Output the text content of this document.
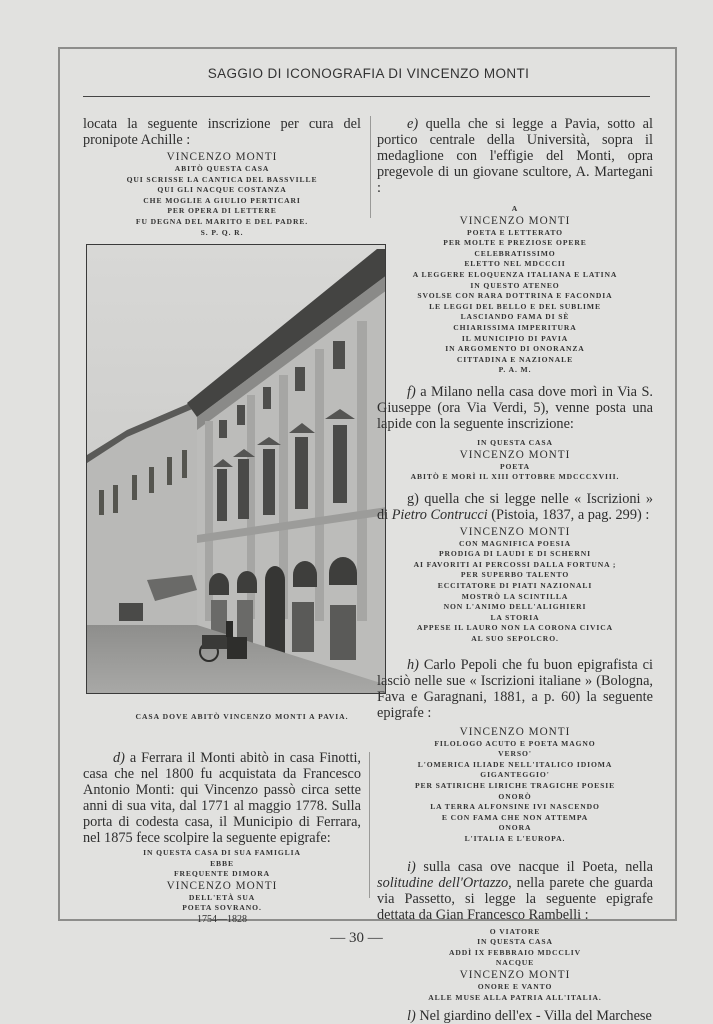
SAGGIO DI ICONOGRAFIA DI VINCENZO MONTI

locata la seguente inscrizione per cura del pronipote Achille :

VINCENZO MONTI
ABITÒ QUESTA CASA
QUI SCRISSE LA CANTICA DEL BASSVILLE
QUI GLI NACQUE COSTANZA
CHE MOGLIE A GIULIO PERTICARI
PER OPERA DI LETTERE
FU DEGNA DEL MARITO E DEL PADRE.
S. P. Q. R.
CASA DOVE ABITÒ VINCENZO MONTI A PAVIA.

d) a Ferrara il Monti abitò in casa Finotti, casa che nel 1800 fu acquistata da Francesco Antonio Monti: qui Vincenzo passò circa sette anni di sua vita, dal 1771 al maggio 1778. Sulla porta di codesta casa, il Municipio di Ferrara, nel 1875 fece scolpire la seguente epigrafe:

IN QUESTA CASA DI SUA FAMIGLIA
EBBE
FREQUENTE DIMORA
VINCENZO MONTI
DELL'ETÀ SUA
POETA SOVRANO.
1754—1828

e) quella che si legge a Pavia, sotto al portico centrale della Università, sopra il medaglione con l'effigie del Monti, opra pregevole di un giovane scultore, A. Martegani :

A
VINCENZO MONTI
POETA E LETTERATO
PER MOLTE E PREZIOSE OPERE
CELEBRATISSIMO
ELETTO NEL MDCCCII
A LEGGERE ELOQUENZA ITALIANA E LATINA
IN QUESTO ATENEO
SVOLSE CON RARA DOTTRINA E FACONDIA
LE LEGGI DEL BELLO E DEL SUBLIME
LASCIANDO FAMA DI SÈ
CHIARISSIMA IMPERITURA
IL MUNICIPIO DI PAVIA
IN ARGOMENTO DI ONORANZA
CITTADINA E NAZIONALE
P. A. M.

f) a Milano nella casa dove morì in Via S. Giuseppe (ora Via Verdi, 5), venne posta una lapide con la seguente inscrizione:

IN QUESTA CASA
VINCENZO MONTI
POETA
ABITÒ E MORÌ IL XIII OTTOBRE MDCCCXVIII.

g) quella che si legge nelle « Iscrizioni » di Pietro Contrucci (Pistoia, 1837, a pag. 299) :

VINCENZO MONTI
CON MAGNIFICA POESIA
PRODIGA DI LAUDI E DI SCHERNI
AI FAVORITI AI PERCOSSI DALLA FORTUNA ;
PER SUPERBO TALENTO
ECCITATORE DI PIATI NAZIONALI
MOSTRÒ LA SCINTILLA
NON L'ANIMO DELL'ALIGHIERI
LA STORIA
APPESE IL LAURO NON LA CORONA CIVICA
AL SUO SEPOLCRO.

h) Carlo Pepoli che fu buon epigrafista ci lasciò nelle sue « Iscrizioni italiane » (Bologna, Fava e Garagnani, 1881, a p. 60) la seguente epigrafe :

VINCENZO MONTI
FILOLOGO ACUTO E POETA MAGNO
VERSO'
L'OMERICA ILIADE NELL'ITALICO IDIOMA
GIGANTEGGIO'
PER SATIRICHE LIRICHE TRAGICHE POESIE
ONORÒ
LA TERRA ALFONSINE IVI NASCENDO
E CON FAMA CHE NON ATTEMPA
ONORA
L'ITALIA E L'EUROPA.

i) sulla casa ove nacque il Poeta, nella solitudine dell'Ortazzo, nella parete che guarda via Passetto, si legge la seguente epigrafe dettata da Gian Francesco Rambelli :

O VIATORE
IN QUESTA CASA
ADDÌ IX FEBBRAIO MDCCLIV
NACQUE
VINCENZO MONTI
ONORE E VANTO
ALLE MUSE ALLA PATRIA ALL'ITALIA.

l) Nel giardino dell'ex - Villa del Marchese

— 30 —
